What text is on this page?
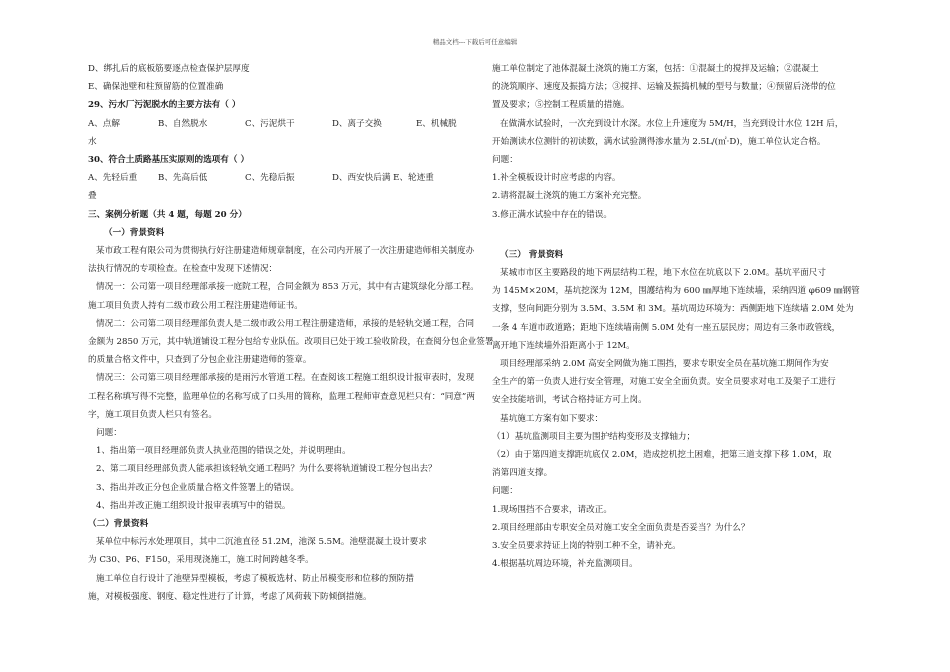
精品文档---下载后可任意编辑
D、绑扎后的底板筋要逐点检查保护层厚度
E、确保池壁和柱预留筋的位置准确
29、污水厂污泥脱水的主要方法有（ ）
A、点解	B、自然脱水	C、污泥烘干	D、离子交换	E、机械脱
水
30、符合土质路基压实原则的选项有（ ）
A、先轻后重	B、先高后低	C、先稳后振	D、西安快后满 E、轮迹重
叠
三、案例分析题（共 4 题，每题 20 分）
（一）背景资料
某市政工程有限公司为贯彻执行好注册建造师规章制度，在公司内开展了一次注册建造师相关制度办
法执行情况的专项检查。在检查中发现下述情况：
情况一：公司第一项目经理部承接一庭院工程，合同金额为 853 万元，其中有古建筑绿化分部工程。
施工项目负责人持有二级市政公用工程注册建造师证书。
情况二：公司第二项目经理部负责人是二级市政公用工程注册建造师，承接的是轻轨交通工程，合同
金额为 2850 万元，其中轨道铺设工程分包给专业队伍。改项目已处于竣工验收阶段，在查阅分包企业签署
的质量合格文件中，只查到了分包企业注册建造师的签章。
情况三：公司第三项目经理部承接的是雨污水管道工程。在查阅该工程施工组织设计报审表时，发现
工程名称填写得不完整，监理单位的名称写成了口头用的简称，监理工程师审查意见栏只有：“同意”两
字，施工项目负责人栏只有签名。
问题：
1、指出第一项目经理部负责人执业范围的错误之处，并说明理由。
2、第二项目经理部负责人能承担该轻轨交通工程吗？为什么要将轨道铺设工程分包出去？
3、指出并改正分包企业质量合格文件签署上的错误。
4、指出并改正施工组织设计报审表填写中的错误。
（二）背景资料
某单位中标污水处理项目，其中二沉池直径 51.2M，池深 5.5M。池壁混凝土设计要求
为 C30、P6、F150，采用现浇施工，施工时间跨越冬季。
施工单位自行设计了池壁异型模板，考虑了模板选材、防止吊模变形和位移的预防措
施，对模板强度、钢度、稳定性进行了计算，考虑了风荷载下防倾倒措施。
施工单位制定了池体混凝土浇筑的施工方案，包括：①混凝土的搅拌及运输；②混凝土
的浇筑顺序、速度及振捣方法；③搅拌、运输及振捣机械的型号与数量；④预留后浇带的位
置及要求；⑤控制工程质量的措施。
在做满水试验时，一次充到设计水深。水位上升速度为 5M/H，当充到设计水位 12H 后，
开始测读水位测针的初读数，满水试验测得渗水量为 2.5L/(㎡·D)，施工单位认定合格。
问题：
1.补全模板设计时应考虑的内容。
2.请将混凝土浇筑的施工方案补充完整。
3.修正满水试验中存在的错误。
（三） 背景资料
某城市市区主要路段的地下两层结构工程，地下水位在坑底以下 2.0M。基坑平面尺寸
为 145M×20M，基坑挖深为 12M，围護结构为 600 ㎜厚地下连续墙，采纳四道 φ609 ㎜钢管
支撑，竖向间距分别为 3.5M、3.5M 和 3M。基坑周边环境为：西侧距地下连续墙 2.0M 处为
一条 4 车道市政道路；距地下连续墙南侧 5.0M 处有一座五层民房；周边有三条市政管线，
离开地下连续墙外沿距离小于 12M。
项目经理部采纳 2.0M 高安全网做为施工围挡，要求专职安全员在基坑施工期间作为安
全生产的第一负责人进行安全管理，对施工安全全面负责。安全员要求对电工及架子工进行
安全技能培训，考试合格持证方可上岗。
基坑施工方案有如下要求：
（1）基坑监测项目主要为围护结构变形及支撑轴力；
（2）由于第四道支撑距坑底仅 2.0M，造成挖机挖土困难，把第三道支撑下移 1.0M，取
消第四道支撑。
问题：
1.现场围挡不合要求，请改正。
2.项目经理部由专职安全员对施工安全全面负责是否妥当？为什么？
3.安全员要求持证上岗的特别工种不全，请补充。
4.根据基坑周边环境，补充监测项目。
